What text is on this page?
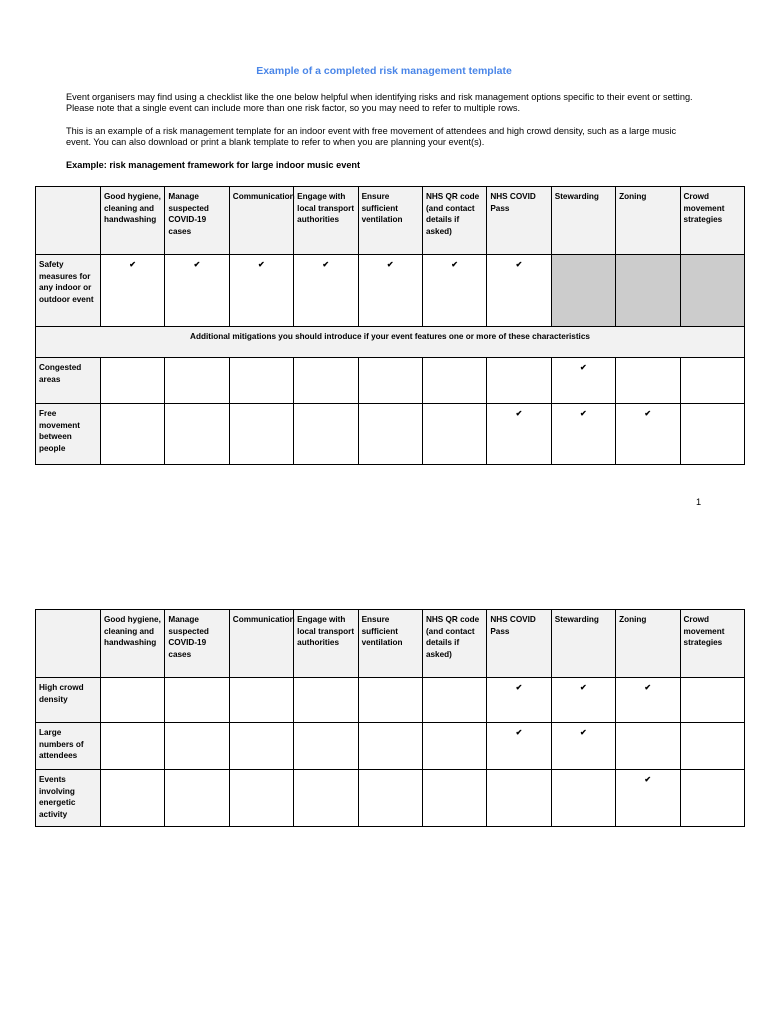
Example of a completed risk management template

Event organisers may find using a checklist like the one below helpful when identifying risks and risk management options specific to their event or setting. Please note that a single event can include more than one risk factor, so you may need to refer to multiple rows.

This is an example of a risk management template for an indoor event with free movement of attendees and high crowd density, such as a large music event. You can also download or print a blank template to refer to when you are planning your event(s).

Example: risk management framework for large indoor music event

	Good hygiene, cleaning and handwashing	Manage suspected COVID-19 cases	Communication	Engage with local transport authorities	Ensure sufficient ventilation	NHS QR code (and contact details if asked)	NHS COVID Pass	Stewarding	Zoning	Crowd movement strategies
Safety measures for any indoor or outdoor event	✔	✔	✔	✔	✔	✔	✔			
Additional mitigations you should introduce if your event features one or more of these characteristics										
Congested areas								✔		
Free movement between people							✔	✔	✔	
1
	Good hygiene, cleaning and handwashing	Manage suspected COVID-19 cases	Communication	Engage with local transport authorities	Ensure sufficient ventilation	NHS QR code (and contact details if asked)	NHS COVID Pass	Stewarding	Zoning	Crowd movement strategies
High crowd density							✔	✔	✔	
Large numbers of attendees							✔	✔		
Events involving energetic activity									✔	
